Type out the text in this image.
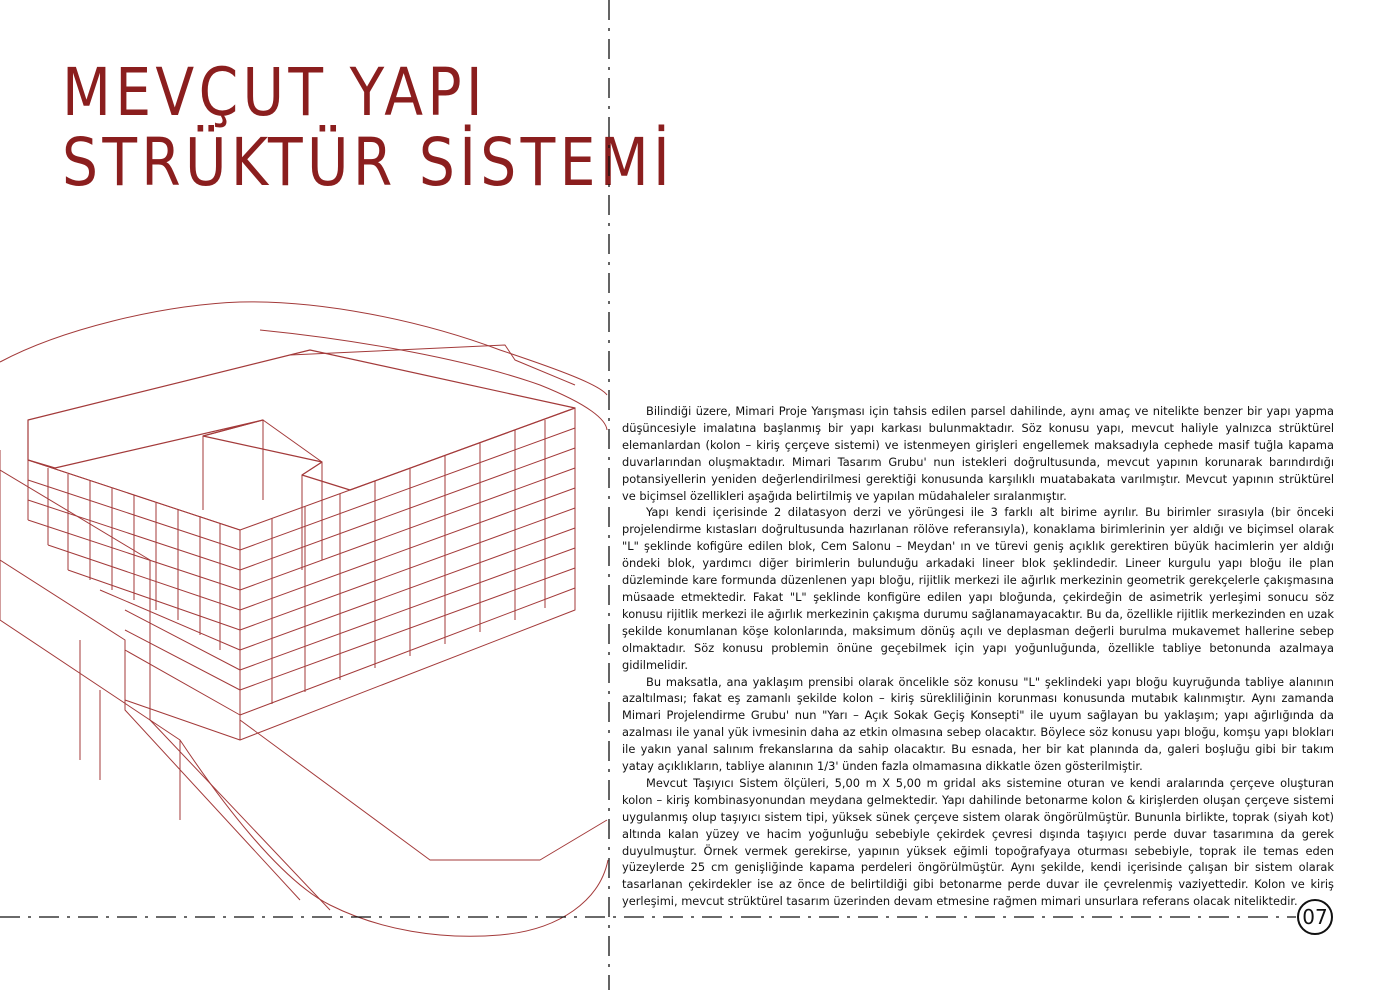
MEVÇUT YAPI
STRÜKTÜR SİSTEMİ

Bilindiği üzere, Mimari Proje Yarışması için tahsis edilen parsel dahilinde, aynı amaç ve nitelikte benzer bir yapı yapma düşüncesiyle imalatına başlanmış bir yapı karkası bulunmaktadır. Söz konusu yapı, mevcut haliyle yalnızca strüktürel elemanlardan (kolon – kiriş çerçeve sistemi) ve istenmeyen girişleri engellemek maksadıyla cephede masif tuğla kapama duvarlarından oluşmaktadır. Mimari Tasarım Grubu' nun istekleri doğrultusunda, mevcut yapının korunarak barındırdığı potansiyellerin yeniden değerlendirilmesi gerektiği konusunda karşılıklı muatabakata varılmıştır. Mevcut yapının strüktürel ve biçimsel özellikleri aşağıda belirtilmiş ve yapılan müdahaleler sıralanmıştır.

Yapı kendi içerisinde 2 dilatasyon derzi ve yörüngesi ile 3 farklı alt birime ayrılır. Bu birimler sırasıyla (bir önceki projelendirme kıstasları doğrultusunda hazırlanan rölöve referansıyla), konaklama birimlerinin yer aldığı ve biçimsel olarak "L" şeklinde kofigüre edilen blok, Cem Salonu – Meydan' ın ve türevi geniş açıklık gerektiren büyük hacimlerin yer aldığı öndeki blok, yardımcı diğer birimlerin bulunduğu arkadaki lineer blok şeklindedir. Lineer kurgulu yapı bloğu ile plan düzleminde kare formunda düzenlenen yapı bloğu, rijitlik merkezi ile ağırlık merkezinin geometrik gerekçelerle çakışmasına müsaade etmektedir. Fakat "L" şeklinde konfigüre edilen yapı bloğunda, çekirdeğin de asimetrik yerleşimi sonucu söz konusu rijitlik merkezi ile ağırlık merkezinin çakışma durumu sağlanamayacaktır. Bu da, özellikle rijitlik merkezinden en uzak şekilde konumlanan köşe kolonlarında, maksimum dönüş açılı ve deplasman değerli burulma mukavemet hallerine sebep olmaktadır. Söz konusu problemin önüne geçebilmek için yapı yoğunluğunda, özellikle tabliye betonunda azalmaya gidilmelidir.

Bu maksatla, ana yaklaşım prensibi olarak öncelikle söz konusu "L" şeklindeki yapı bloğu kuyruğunda tabliye alanının azaltılması; fakat eş zamanlı şekilde kolon – kiriş sürekliliğinin korunması konusunda mutabık kalınmıştır. Aynı zamanda Mimari Projelendirme Grubu' nun "Yarı – Açık Sokak Geçiş Konsepti" ile uyum sağlayan bu yaklaşım; yapı ağırlığında da azalması ile yanal yük ivmesinin daha az etkin olmasına sebep olacaktır. Böylece söz konusu yapı bloğu, komşu yapı blokları ile yakın yanal salınım frekanslarına da sahip olacaktır. Bu esnada, her bir kat planında da, galeri boşluğu gibi bir takım yatay açıklıkların, tabliye alanının 1/3' ünden fazla olmamasına dikkatle özen gösterilmiştir.

Mevcut Taşıyıcı Sistem ölçüleri, 5,00 m X 5,00 m gridal aks sistemine oturan ve kendi aralarında çerçeve oluşturan kolon – kiriş kombinasyonundan meydana gelmektedir. Yapı dahilinde betonarme kolon & kirişlerden oluşan çerçeve sistemi uygulanmış olup taşıyıcı sistem tipi, yüksek sünek çerçeve sistem olarak öngörülmüştür. Bununla birlikte, toprak (siyah kot) altında kalan yüzey ve hacim yoğunluğu sebebiyle çekirdek çevresi dışında taşıyıcı perde duvar tasarımına da gerek duyulmuştur. Örnek vermek gerekirse, yapının yüksek eğimli topoğrafyaya oturması sebebiyle, toprak ile temas eden yüzeylerde 25 cm genişliğinde kapama perdeleri öngörülmüştür. Aynı şekilde, kendi içerisinde çalışan bir sistem olarak tasarlanan çekirdekler ise az önce de belirtildiği gibi betonarme perde duvar ile çevrelenmiş vaziyettedir. Kolon ve kiriş yerleşimi, mevcut strüktürel tasarım üzerinden devam etmesine rağmen mimari unsurlara referans olacak niteliktedir.

07
